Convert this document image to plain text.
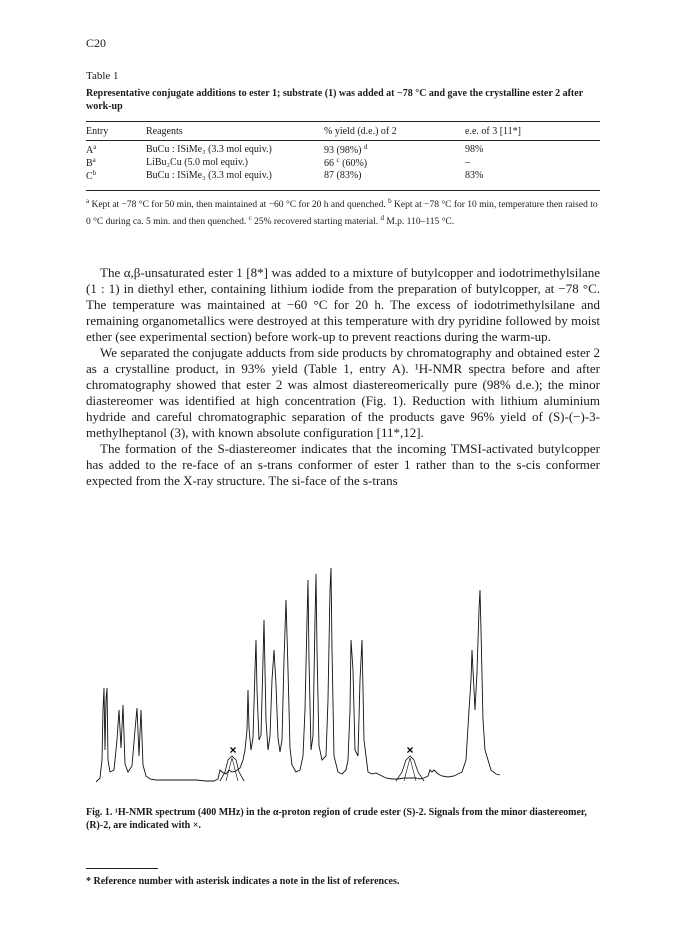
C20
Table 1
Representative conjugate additions to ester 1; substrate (1) was added at −78 °C and gave the crystalline ester 2 after work-up
Entry	Reagents	% yield (d.e.) of 2	e.e. of 3 [11*]

$A^a$	BuCu : ISiMe₃ (3.3 mol equiv.)	93 (98%) $^d$	98%
$B^a$	LiBu₂Cu (5.0 mol equiv.)	66 $^c$ (60%)	–
$C^b$	BuCu : ISiMe₃ (3.3 mol equiv.)	87 (83%)	83%
$^a$ Kept at −78 °C for 50 min, then maintained at −60 °C for 20 h and quenched. $^b$ Kept at −78 °C for 10 min, temperature then raised to 0 °C during ca. 5 min. and then quenched. $^c$ 25% recovered starting material. $^d$ M.p. 110–115 °C.

The α,β-unsaturated ester 1 [8*] was added to a mixture of butylcopper and iodotrimethylsilane (1 : 1) in diethyl ether, containing lithium iodide from the preparation of butylcopper, at −78 °C. The temperature was maintained at −60 °C for 20 h. The excess of iodotrimethylsilane and remaining organometallics were destroyed at this temperature with dry pyridine followed by moist ether (see experimental section) before work-up to prevent reactions during the warm-up.

We separated the conjugate adducts from side products by chromatography and obtained ester 2 as a crystalline product, in 93% yield (Table 1, entry A). ¹H-NMR spectra before and after chromatography showed that ester 2 was almost diastereomerically pure (98% d.e.); the minor diastereomer was identified at high concentration (Fig. 1). Reduction with lithium aluminium hydride and careful chromatographic separation of the products gave 96% yield of (S)-(−)-3-methylheptanol (3), with known absolute configuration [11*,12].

The formation of the S-diastereomer indicates that the incoming TMSI-activated butylcopper has added to the re-face of an s-trans conformer of ester 1 rather than to the s-cis conformer expected from the X-ray structure. The si-face of the s-trans

×	×
Fig. 1. ¹H-NMR spectrum (400 MHz) in the α-proton region of crude ester (S)-2. Signals from the minor diastereomer, (R)-2, are indicated with ×.
* Reference number with asterisk indicates a note in the list of references.
